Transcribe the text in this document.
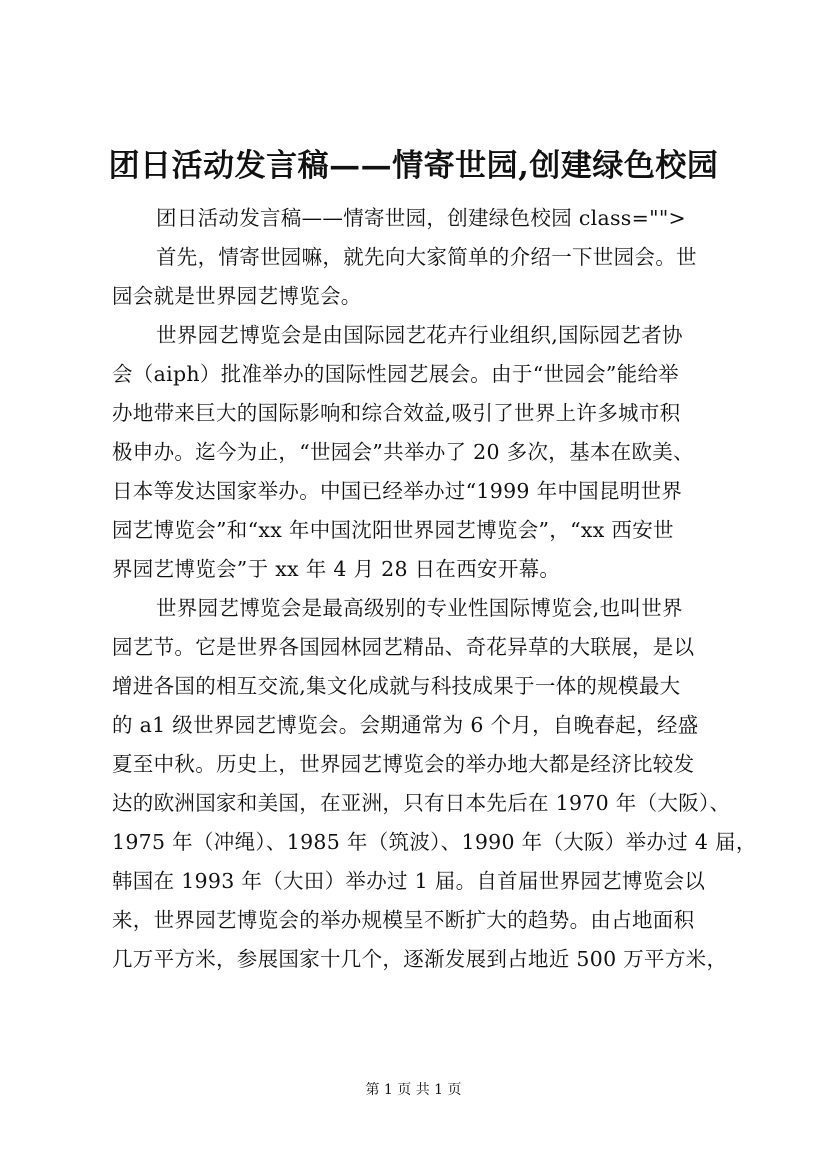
团日活动发言稿——情寄世园,创建绿色校园
团日活动发言稿——情寄世园，创建绿色校园 class="">
首先，情寄世园嘛，就先向大家简单的介绍一下世园会。世
园会就是世界园艺博览会。
世界园艺博览会是由国际园艺花卉行业组织,国际园艺者协
会（aiph）批准举办的国际性园艺展会。由于“世园会”能给举
办地带来巨大的国际影响和综合效益,吸引了世界上许多城市积
极申办。迄今为止，“世园会”共举办了 20 多次，基本在欧美、
日本等发达国家举办。中国已经举办过“1999 年中国昆明世界
园艺博览会”和“xx 年中国沈阳世界园艺博览会”，“xx 西安世
界园艺博览会”于 xx 年 4 月 28 日在西安开幕。
世界园艺博览会是最高级别的专业性国际博览会,也叫世界
园艺节。它是世界各国园林园艺精品、奇花异草的大联展，是以
增进各国的相互交流,集文化成就与科技成果于一体的规模最大
的 a1 级世界园艺博览会。会期通常为 6 个月，自晚春起，经盛
夏至中秋。历史上，世界园艺博览会的举办地大都是经济比较发
达的欧洲国家和美国，在亚洲，只有日本先后在 1970 年（大阪）、
1975 年（冲绳）、1985 年（筑波）、1990 年（大阪）举办过 4 届，
韩国在 1993 年（大田）举办过 1 届。自首届世界园艺博览会以
来，世界园艺博览会的举办规模呈不断扩大的趋势。由占地面积
几万平方米，参展国家十几个，逐渐发展到占地近 500 万平方米，
第 1 页 共 1 页
